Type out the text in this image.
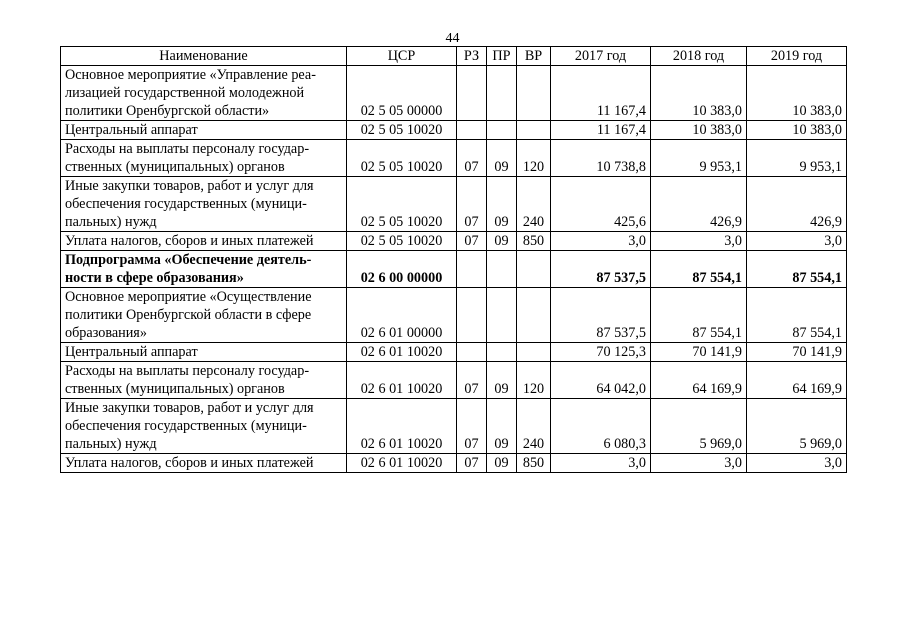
44
Наименование	ЦСР	РЗ	ПР	ВР	2017 год	2018 год	2019 год

Основное мероприятие «Управление реа-
лизацией государственной молодежной
политики Оренбургской области»	02 5 05 00000				11 167,4	10 383,0	10 383,0

Центральный аппарат	02 5 05 10020				11 167,4	10 383,0	10 383,0

Расходы на выплаты персоналу государ-
ственных (муниципальных) органов	02 5 05 10020	07	09	120	10 738,8	9 953,1	9 953,1

Иные закупки товаров, работ и услуг для
обеспечения государственных (муници-
пальных) нужд	02 5 05 10020	07	09	240	425,6	426,9	426,9

Уплата налогов, сборов и иных платежей	02 5 05 10020	07	09	850	3,0	3,0	3,0

Подпрограмма «Обеспечение деятель-
ности в сфере образования»	02 6 00 00000				87 537,5	87 554,1	87 554,1

Основное мероприятие «Осуществление
политики Оренбургской области в сфере
образования»	02 6 01 00000				87 537,5	87 554,1	87 554,1

Центральный аппарат	02 6 01 10020				70 125,3	70 141,9	70 141,9

Расходы на выплаты персоналу государ-
ственных (муниципальных) органов	02 6 01 10020	07	09	120	64 042,0	64 169,9	64 169,9

Иные закупки товаров, работ и услуг для
обеспечения государственных (муници-
пальных) нужд	02 6 01 10020	07	09	240	6 080,3	5 969,0	5 969,0

Уплата налогов, сборов и иных платежей	02 6 01 10020	07	09	850	3,0	3,0	3,0
